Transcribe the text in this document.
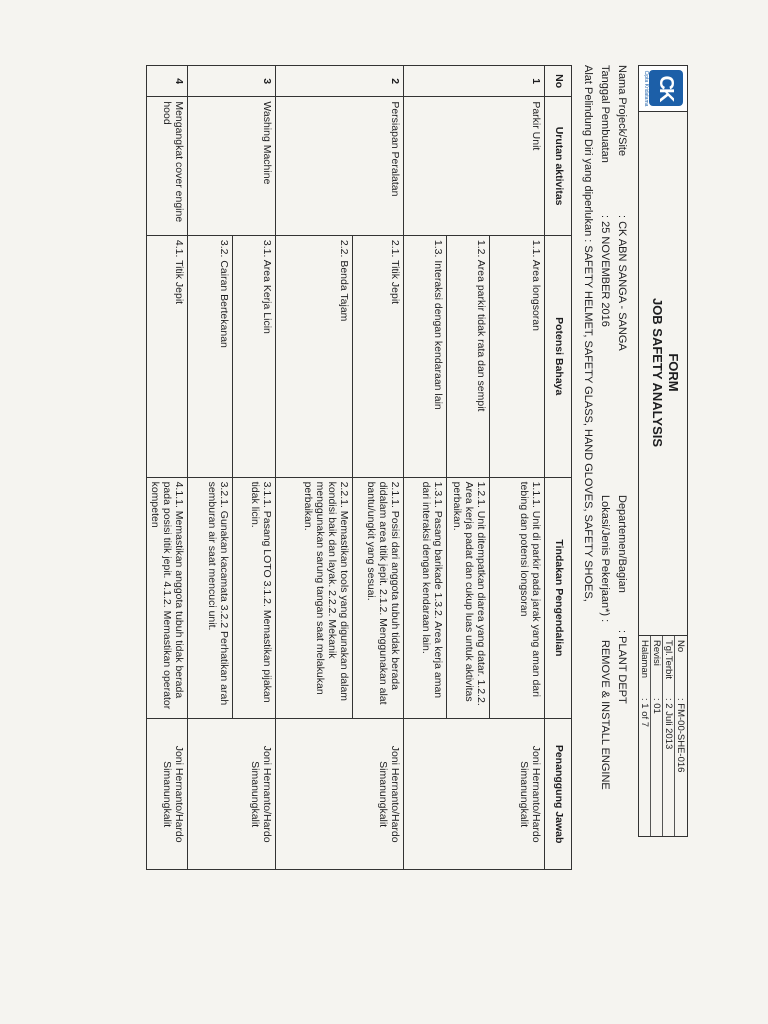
CK
Cipta Kridatama
FORM
JOB SAFETY ANALYSIS
No
: FM-00-SHE-016
Tgl.Terbit
: 2 Juli 2013
Revisi
: 01
Halaman
: 1 of 7
Nama Projeck/Site
: CK ABN SANGA - SANGA
Departemen/Bagian
: PLANT DEPT
Tanggal Pembuatan
: 25 NOVEMBER 2016
Lokasi/Jenis Pekerjaan*) :
REMOVE & INSTALL ENGINE
Alat Pelindung Diri yang diperlukan : SAFETY HELMET, SAFETY GLASS, HAND GLOVES, SAFETY SHOES,
No	Urutan aktivitas	Potensi Bahaya	Tindakan Pengendalian	Penanggung Jawab
1	Parkir Unit	1.1. Area longsoran	1.1.1. Unit di parkir pada jarak yang aman dari tebing dan potensi longsoran	Joni Hernanto/Hardo Simanungkalit
		1.2. Area parkir tidak rata dan sempit	1.2.1. Unit ditempatkan diarea yang datar. 1.2.2. Area kerja padat dan cukup luas untuk aktivitas perbaikan.	
		1.3. Interaksi dengan kendaraan lain	1.3.1. Pasang barikade 1.3.2. Area kerja aman dari interaksi dengan kendaraan lain.	
2	Persiapan Peralatan	2.1. Titik Jepit	2.1.1. Posisi dari anggota tubuh tidak berada didalam area titik jepit. 2.1.2. Menggunakan alat bantu/ungkit yang sesuai.	Joni Hernanto/Hardo Simanungkalit
		2.2. Benda Tajam	2.2.1. Memastikan tools yang digunakan dalam kondisi baik dan layak. 2.2.2. Mekanik menggunakan sarung tangan saat melakukan perbaikan.	
3	Washing Machine	3.1. Area Kerja Licin	3.1.1. Pasang LOTO 3.1.2. Memastikan pijakan tidak licin.	Joni Hernanto/Hardo Simanungkalit
		3.2. Cairan Bertekanan	3.2.1. Gunakan kacamata 3.2.2 Perhatikan arah semburan air saat mencuci unit.	
4	Mengangkat cover engine hood	4.1. Titik Jepit	4.1.1. Memastikan anggota tubuh tidak berada pada posisi titik jepit. 4.1.2. Memastikan operator kompeten	Joni Hernanto/Hardo Simanungkalit
